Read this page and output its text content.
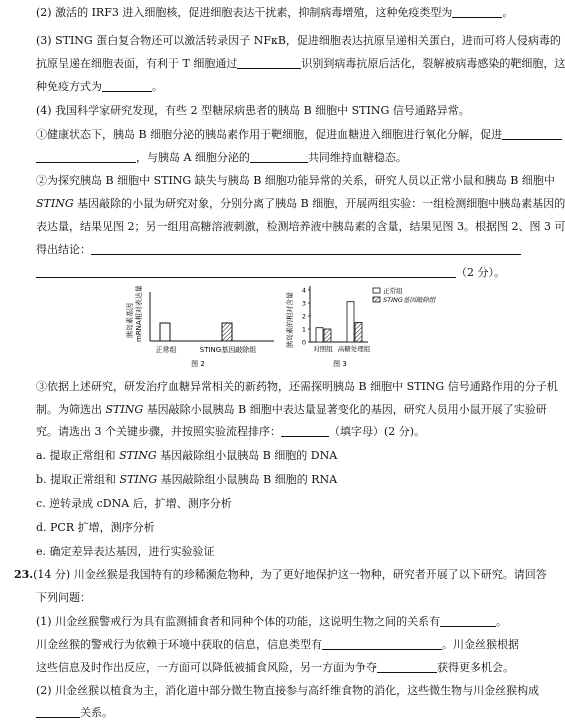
(2) 激活的 IRF3 进入细胞核，促进细胞表达干扰素，抑制病毒增殖，这种免疫类型为	。
(3) STING 蛋白复合物还可以激活转录因子 NFκB，促进细胞表达抗原呈递相关蛋白，进而可将人侵病毒的
抗原呈递在细胞表面，有利于 T 细胞通过	识别到病毒抗原后活化，裂解被病毒感染的靶细胞，这
种免疫方式为	。
(4) 我国科学家研究发现，有些 2 型糖尿病患者的胰岛 B 细胞中 STING 信号通路异常。
①健康状态下，胰岛 B 细胞分泌的胰岛素作用于靶细胞，促进血糖进入细胞进行氧化分解，促进
，与胰岛 A 细胞分泌的	共同维持血糖稳态。
②为探究胰岛 B 细胞中 STING 缺失与胰岛 B 细胞功能异常的关系，研究人员以正常小鼠和胰岛 B 细胞中
STING 基因敲除的小鼠为研究对象，分别分离了胰岛 B 细胞，开展两组实验：一组检测细胞中胰岛素基因的
表达量，结果见图 2；另一组用高糖溶液刺激，检测培养液中胰岛素的含量，结果见图 3。根据图 2、图 3 可
得出结论：
（2 分）。
胰岛素基因 mRNA相对表达量
正常组	STING基因敲除组
图 2
胰岛素的相对含量 0
1
2
3
4	正常组
STING基因敲除组
对照组 高糖处理组
图 3
③依据上述研究，研发治疗血糖异常相关的新药物，还需探明胰岛 B 细胞中 STING 信号通路作用的分子机
制。为筛选出 STING 基因敲除小鼠胰岛 B 细胞中表达量显著变化的基因，研究人员用小鼠开展了实验研
究。请选出 3 个关键步骤，并按照实验流程排序：	（填字母）(2 分)。
a. 提取正常组和 STING 基因敲除组小鼠胰岛 B 细胞的 DNA
b. 提取正常组和 STING 基因敲除组小鼠胰岛 B 细胞的 RNA
c. 逆转录成 cDNA 后，扩增、测序分析
d. PCR 扩增，测序分析
e. 确定差异表达基因，进行实验验证
23.(14 分) 川金丝猴是我国特有的珍稀濒危物种，为了更好地保护这一物种，研究者开展了以下研究。请回答
下列问题：
(1) 川金丝猴警戒行为具有监测捕食者和同种个体的功能，这说明生物之间的关系有	。
川金丝猴的警戒行为依赖于环境中获取的信息，信息类型有	。川金丝猴根据
这些信息及时作出反应，一方面可以降低被捕食风险，另一方面为争夺	获得更多机会。
(2) 川金丝猴以植食为主，消化道中部分微生物直接参与高纤维食物的消化，这些微生物与川金丝猴构成
关系。
